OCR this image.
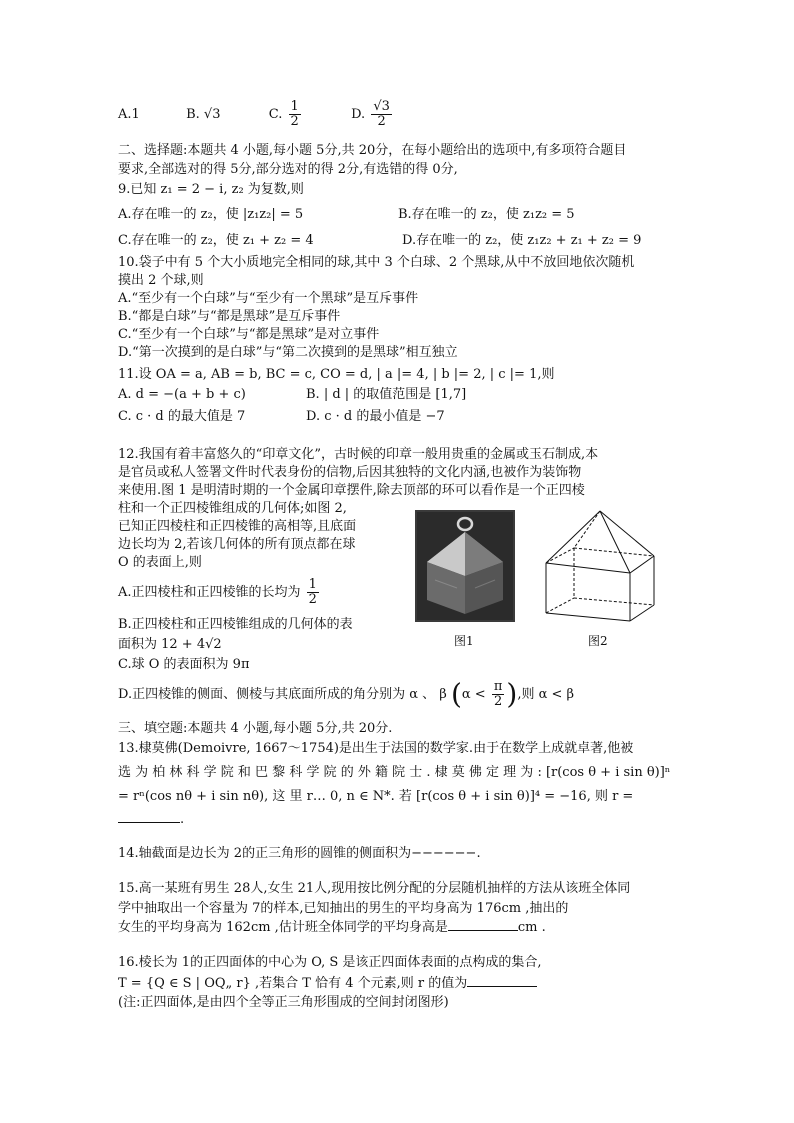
A.1	B. √3	C. $\frac{1}{2}$	D. $\frac{√3}{2}$
二、选择题:本题共 4 小题,每小题 5分,共 20分，在每小题给出的选项中,有多项符合题目
要求,全部选对的得 5分,部分选对的得 2分,有选错的得 0分,
9.已知 z₁ = 2 − i, z₂ 为复数,则
A.存在唯一的 z₂，使 |z₁z₂| = 5	B.存在唯一的 z₂，使 z₁z₂ = 5
C.存在唯一的 z₂，使 z₁ + z₂ = 4	D.存在唯一的 z₂，使 z₁z₂ + z₁ + z₂ = 9
10.袋子中有 5 个大小质地完全相同的球,其中 3 个白球、2 个黑球,从中不放回地依次随机
摸出 2 个球,则
A.“至少有一个白球”与“至少有一个黑球”是互斥事件
B.“都是白球”与“都是黑球”是互斥事件
C.“至少有一个白球”与“都是黑球”是对立事件
D.“第一次摸到的是白球”与“第二次摸到的是黑球”相互独立
11.设 OA = a, AB = b, BC = c, CO = d, | a |= 4, | b |= 2, | c |= 1,则
A. d = −(a + b + c)	B. | d | 的取值范围是 [1,7]
C. c · d 的最大值是 7	D. c · d 的最小值是 −7
12.我国有着丰富悠久的“印章文化”，古时候的印章一般用贵重的金属或玉石制成,本
是官员或私人签署文件时代表身份的信物,后因其独特的文化内涵,也被作为装饰物
来使用.图 1 是明清时期的一个金属印章摆件,除去顶部的环可以看作是一个正四棱
柱和一个正四棱锥组成的几何体;如图 2,
已知正四棱柱和正四棱锥的高相等,且底面
边长均为 2,若该几何体的所有顶点都在球
O 的表面上,则
A.正四棱柱和正四棱锥的长均为 $\frac{1}{2}$
B.正四棱柱和正四棱锥组成的几何体的表
面积为 12 + 4√2
C.球 O 的表面积为 9π
D.正四棱锥的侧面、侧棱与其底面所成的角分别为 α 、 β ($\alpha < \frac{\pi}{2}$ ),则 α < β
图1	图2
三、填空题:本题共 4 小题,每小题 5分,共 20分.
13.棣莫佛(Demoivre, 1667～1754)是出生于法国的数学家.由于在数学上成就卓著,他被
选 为 柏 林 科 学 院 和 巴 黎 科 学 院 的 外 籍 院 士 . 棣 莫 佛 定 理 为 : [r(cos θ + i sin θ)]ⁿ
= rⁿ(cos nθ + i sin nθ), 这 里 r… 0, n ∈ N*. 若 [r(cos θ + i sin θ)]⁴ = −16, 则 r =
.
14.轴截面是边长为 2的正三角形的圆锥的侧面积为−−−−−−.
15.高一某班有男生 28人,女生 21人,现用按比例分配的分层随机抽样的方法从该班全体同
学中抽取出一个容量为 7的样本,已知抽出的男生的平均身高为 176cm ,抽出的
女生的平均身高为 162cm ,估计班全体同学的平均身高是	cm .
16.棱长为 1的正四面体的中心为 O, S 是该正四面体表面的点构成的集合,
T = {Q ∈ S | OQ„ r} ,若集合 T 恰有 4 个元素,则 r 的值为
(注:正四面体,是由四个全等正三角形围成的空间封闭图形)
